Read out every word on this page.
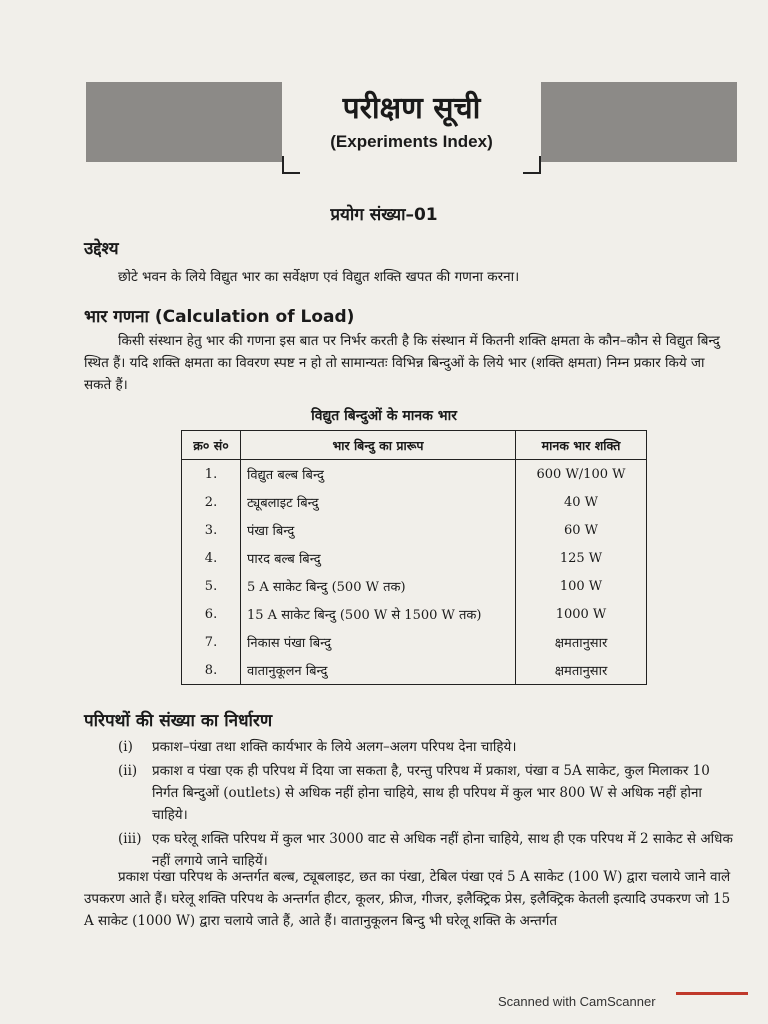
परीक्षण सूची
(Experiments Index)
प्रयोग संख्या–01
उद्देश्य
छोटे भवन के लिये विद्युत भार का सर्वेक्षण एवं विद्युत शक्ति खपत की गणना करना।
भार गणना (Calculation of Load)
किसी संस्थान हेतु भार की गणना इस बात पर निर्भर करती है कि संस्थान में कितनी शक्ति क्षमता के कौन–कौन से विद्युत बिन्दु स्थित हैं। यदि शक्ति क्षमता का विवरण स्पष्ट न हो तो सामान्यतः विभिन्न बिन्दुओं के लिये भार (शक्ति क्षमता) निम्न प्रकार किये जा सकते हैं।
विद्युत बिन्दुओं के मानक भार
क्र० सं०	भार बिन्दु का प्रारूप	मानक भार शक्ति
1.	विद्युत बल्ब बिन्दु	600 W/100 W
2.	ट्यूबलाइट बिन्दु	40 W
3.	पंखा बिन्दु	60 W
4.	पारद बल्ब बिन्दु	125 W
5.	5 A साकेट बिन्दु (500 W तक)	100 W
6.	15 A साकेट बिन्दु (500 W से 1500 W तक)	1000 W
7.	निकास पंखा बिन्दु	क्षमतानुसार
8.	वातानुकूलन बिन्दु	क्षमतानुसार
परिपथों की संख्या का निर्धारण
(i) प्रकाश–पंखा तथा शक्ति कार्यभार के लिये अलग–अलग परिपथ देना चाहिये।
(ii) प्रकाश व पंखा एक ही परिपथ में दिया जा सकता है, परन्तु परिपथ में प्रकाश, पंखा व 5A साकेट, कुल मिलाकर 10 निर्गत बिन्दुओं (outlets) से अधिक नहीं होना चाहिये, साथ ही परिपथ में कुल भार 800 W से अधिक नहीं होना चाहिये।
(iii) एक घरेलू शक्ति परिपथ में कुल भार 3000 वाट से अधिक नहीं होना चाहिये, साथ ही एक परिपथ में 2 साकेट से अधिक नहीं लगाये जाने चाहियें।
प्रकाश पंखा परिपथ के अन्तर्गत बल्ब, ट्यूबलाइट, छत का पंखा, टेबिल पंखा एवं 5 A साकेट (100 W) द्वारा चलाये जाने वाले उपकरण आते हैं। घरेलू शक्ति परिपथ के अन्तर्गत हीटर, कूलर, फ्रीज, गीजर, इलैक्ट्रिक प्रेस, इलैक्ट्रिक केतली इत्यादि उपकरण जो 15 A साकेट (1000 W) द्वारा चलाये जाते हैं, आते हैं। वातानुकूलन बिन्दु भी घरेलू शक्ति के अन्तर्गत
Scanned with CamScanner
